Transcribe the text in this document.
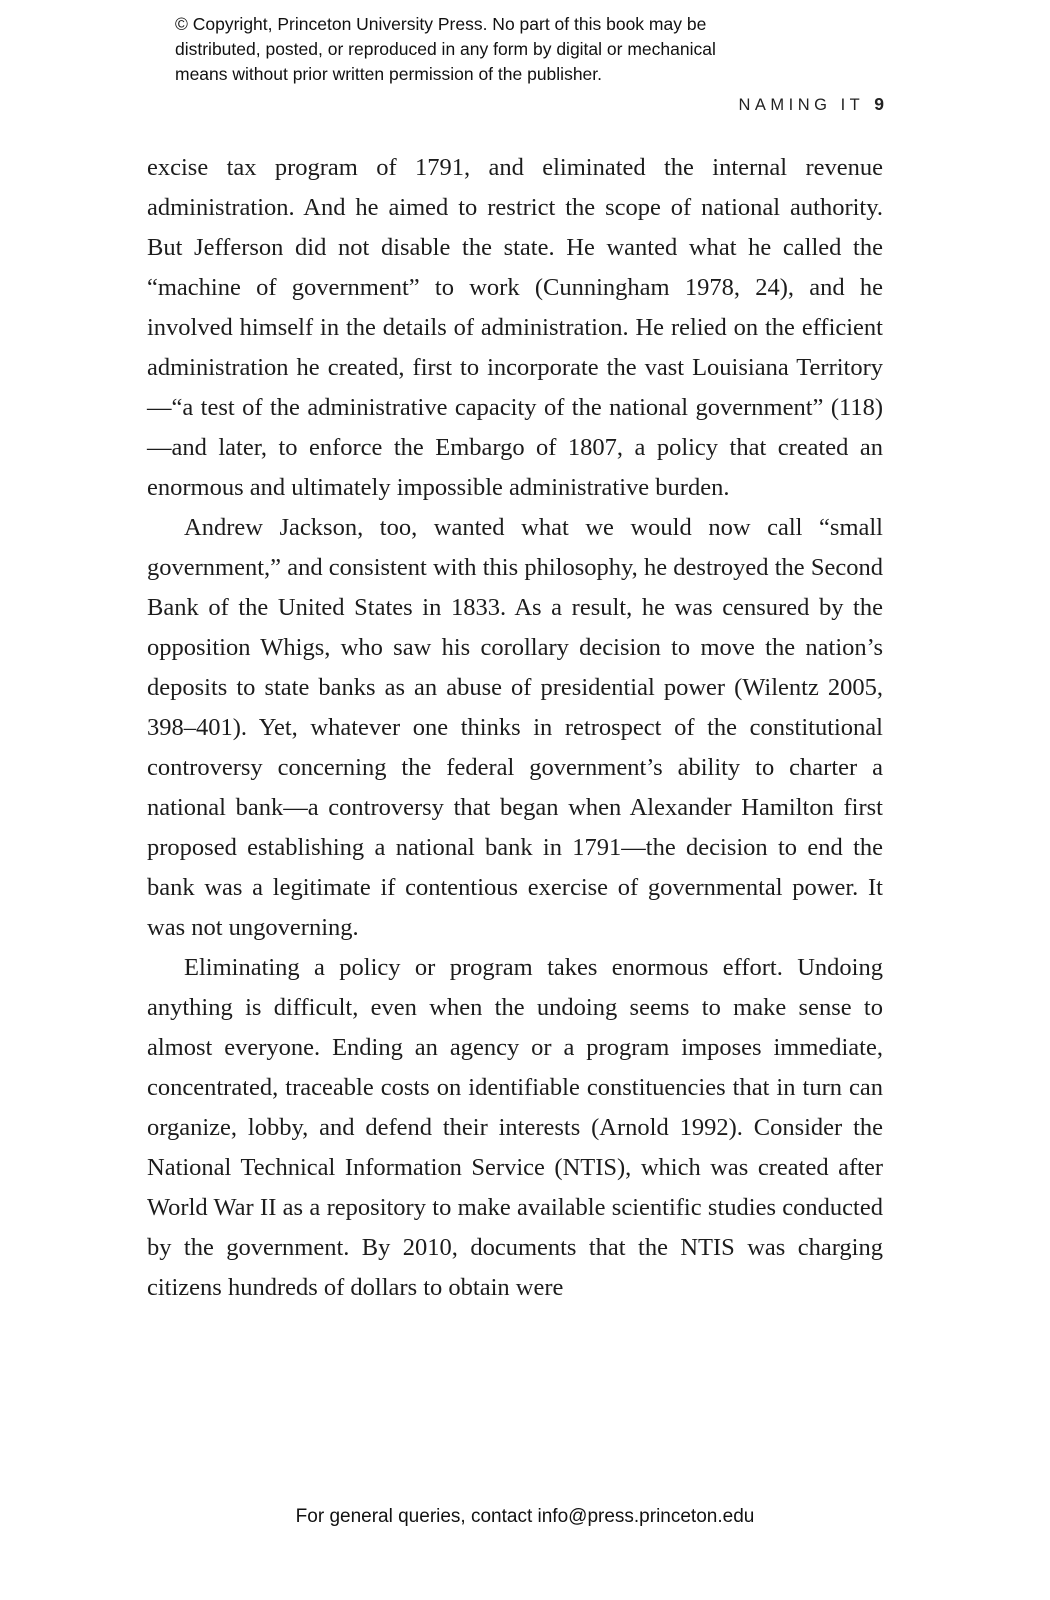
© Copyright, Princeton University Press. No part of this book may be
distributed, posted, or reproduced in any form by digital or mechanical
means without prior written permission of the publisher.
NAMING IT 9

excise tax program of 1791, and eliminated the internal revenue administration. And he aimed to restrict the scope of national authority. But Jefferson did not disable the state. He wanted what he called the “machine of government” to work (Cunningham 1978, 24), and he involved himself in the details of administration. He relied on the efficient administration he created, first to incorporate the vast Louisiana Territory—“a test of the administrative capacity of the national government” (118)—and later, to enforce the Embargo of 1807, a policy that created an enormous and ultimately impossible administrative burden.

Andrew Jackson, too, wanted what we would now call “small government,” and consistent with this philosophy, he destroyed the Second Bank of the United States in 1833. As a result, he was censured by the opposition Whigs, who saw his corollary decision to move the nation’s deposits to state banks as an abuse of presidential power (Wilentz 2005, 398–401). Yet, whatever one thinks in retrospect of the constitutional controversy concerning the federal government’s ability to charter a national bank—a controversy that began when Alexander Hamilton first proposed establishing a national bank in 1791—the decision to end the bank was a legitimate if contentious exercise of governmental power. It was not ungoverning.

Eliminating a policy or program takes enormous effort. Undoing anything is difficult, even when the undoing seems to make sense to almost everyone. Ending an agency or a program imposes immediate, concentrated, traceable costs on identifiable constituencies that in turn can organize, lobby, and defend their interests (Arnold 1992). Consider the National Technical Information Service (NTIS), which was created after World War II as a repository to make available scientific studies conducted by the government. By 2010, documents that the NTIS was charging citizens hundreds of dollars to obtain were

For general queries, contact info@press.princeton.edu
